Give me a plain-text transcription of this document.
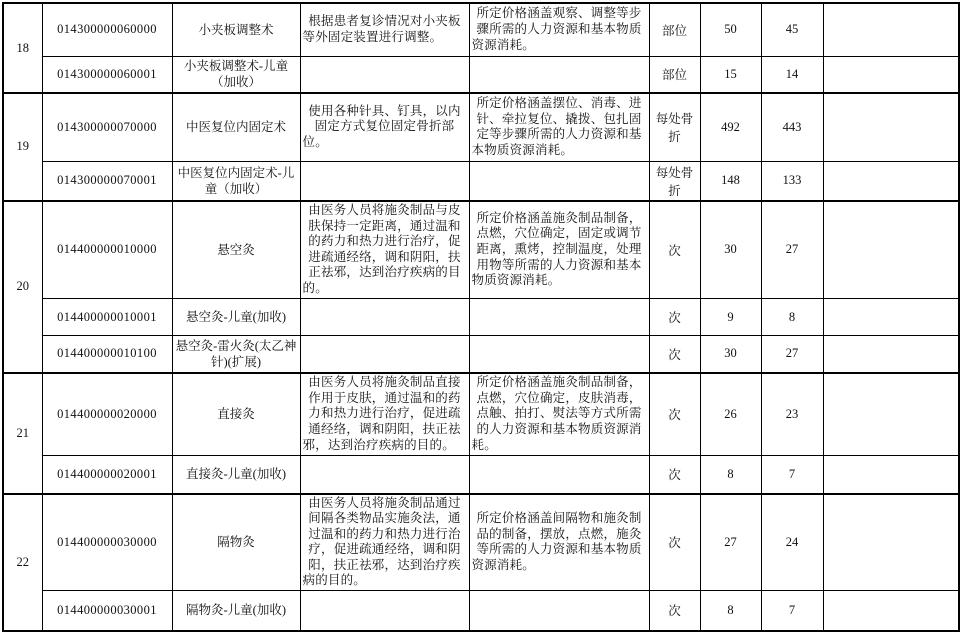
18	014300000060000	小夹板调整术	根据患者复诊情况对小夹板等外固定装置进行调整。	所定价格涵盖观察、调整等步骤所需的人力资源和基本物质资源消耗。	部位	50	45	
	014300000060001	小夹板调整术-儿童（加收）			部位	15	14	
19	014300000070000	中医复位内固定术	使用各种针具、钉具，以内固定方式复位固定骨折部位。	所定价格涵盖摆位、消毒、进针、牵拉复位、撬拨、包扎固定等步骤所需的人力资源和基本物质资源消耗。	每处骨折	492	443	
	014300000070001	中医复位内固定术-儿童（加收）			每处骨折	148	133	
20	014400000010000	悬空灸	由医务人员将施灸制品与皮肤保持一定距离，通过温和的药力和热力进行治疗，促进疏通经络，调和阴阳，扶正祛邪，达到治疗疾病的目的。	所定价格涵盖施灸制品制备，点燃，穴位确定，固定或调节距离，熏烤，控制温度，处理用物等所需的人力资源和基本物质资源消耗。	次	30	27	
	014400000010001	悬空灸-儿童(加收)			次	9	8	
	014400000010100	悬空灸-雷火灸(太乙神针)(扩展)			次	30	27	
21	014400000020000	直接灸	由医务人员将施灸制品直接作用于皮肤，通过温和的药力和热力进行治疗，促进疏通经络，调和阴阳，扶正祛邪，达到治疗疾病的目的。	所定价格涵盖施灸制品制备，点燃，穴位确定，皮肤消毒，点触、拍打、熨法等方式所需的人力资源和基本物质资源消耗。	次	26	23	
	014400000020001	直接灸-儿童(加收)			次	8	7	
22	014400000030000	隔物灸	由医务人员将施灸制品通过间隔各类物品实施灸法，通过温和的药力和热力进行治疗，促进疏通经络，调和阴阳，扶正祛邪，达到治疗疾病的目的。	所定价格涵盖间隔物和施灸制品的制备，摆放，点燃，施灸等所需的人力资源和基本物质资源消耗。	次	27	24	
	014400000030001	隔物灸-儿童(加收)			次	8	7	
